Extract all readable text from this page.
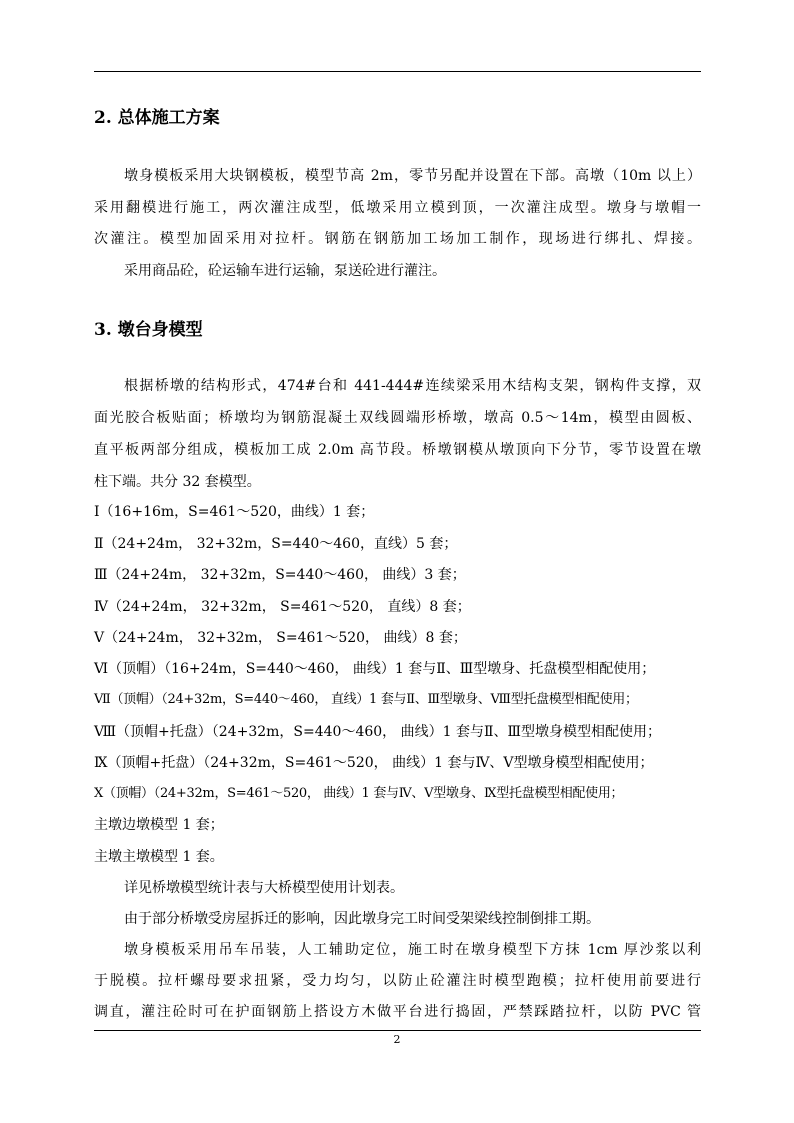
2. 总体施工方案
墩身模板采用大块钢模板，模型节高 2m，零节另配并设置在下部。高墩（10m 以上）
采用翻模进行施工，两次灌注成型，低墩采用立模到顶，一次灌注成型。墩身与墩帽一
次灌注。模型加固采用对拉杆。钢筋在钢筋加工场加工制作，现场进行绑扎、焊接。
采用商品砼，砼运输车进行运输，泵送砼进行灌注。
3. 墩台身模型
根据桥墩的结构形式，474#台和 441-444#连续梁采用木结构支架，钢构件支撑，双
面光胶合板贴面；桥墩均为钢筋混凝土双线圆端形桥墩，墩高 0.5～14m，模型由圆板、
直平板两部分组成，模板加工成 2.0m 高节段。桥墩钢模从墩顶向下分节，零节设置在墩
柱下端。共分 32 套模型。
Ⅰ（16+16m，S=461～520，曲线）1 套；
Ⅱ（24+24m， 32+32m，S=440～460，直线）5 套；
Ⅲ（24+24m， 32+32m，S=440～460， 曲线）3 套；
Ⅳ（24+24m， 32+32m， S=461～520， 直线）8 套；
Ⅴ（24+24m， 32+32m， S=461～520， 曲线）8 套；
Ⅵ（顶帽）（16+24m，S=440～460， 曲线）1 套与Ⅱ、Ⅲ型墩身、托盘模型相配使用；
Ⅶ（顶帽）（24+32m，S=440～460， 直线）1 套与Ⅱ、Ⅲ型墩身、Ⅷ型托盘模型相配使用；
Ⅷ（顶帽+托盘）（24+32m，S=440～460， 曲线）1 套与Ⅱ、Ⅲ型墩身模型相配使用；
Ⅸ（顶帽+托盘）（24+32m，S=461～520， 曲线）1 套与Ⅳ、Ⅴ型墩身模型相配使用；
Ⅹ（顶帽）（24+32m，S=461～520， 曲线）1 套与Ⅳ、Ⅴ型墩身、Ⅸ型托盘模型相配使用；
主墩边墩模型 1 套；
主墩主墩模型 1 套。
详见桥墩模型统计表与大桥模型使用计划表。
由于部分桥墩受房屋拆迁的影响，因此墩身完工时间受架梁线控制倒排工期。
墩身模板采用吊车吊装，人工辅助定位，施工时在墩身模型下方抹 1cm 厚沙浆以利
于脱模。拉杆螺母要求扭紧，受力均匀，以防止砼灌注时模型跑模；拉杆使用前要进行
调直，灌注砼时可在护面钢筋上搭设方木做平台进行捣固，严禁踩踏拉杆，以防 PVC 管
2
